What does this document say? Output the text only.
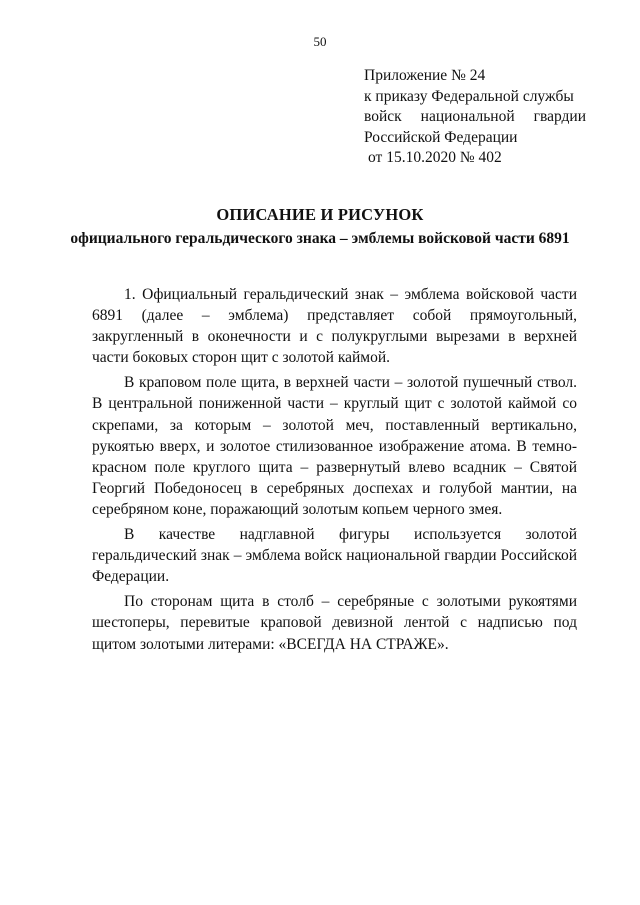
50
Приложение № 24
к приказу Федеральной службы
войск национальной гвардии
Российской Федерации
от 15.10.2020 № 402
ОПИСАНИЕ И РИСУНОК
официального геральдического знака – эмблемы войсковой части 6891

1. Официальный геральдический знак – эмблема войсковой части 6891 (далее – эмблема) представляет собой прямоугольный, закругленный в оконечности и с полукруглыми вырезами в верхней части боковых сторон щит с золотой каймой.

В краповом поле щита, в верхней части – золотой пушечный ствол. В центральной пониженной части – круглый щит с золотой каймой со скрепами, за которым – золотой меч, поставленный вертикально, рукоятью вверх, и золотое стилизованное изображение атома. В темно-красном поле круглого щита – развернутый влево всадник – Святой Георгий Победоносец в серебряных доспехах и голубой мантии, на серебряном коне, поражающий золотым копьем черного змея.

В качестве надглавной фигуры используется золотой геральдический знак – эмблема войск национальной гвардии Российской Федерации.

По сторонам щита в столб – серебряные с золотыми рукоятями шестоперы, перевитые краповой девизной лентой с надписью под щитом золотыми литерами: «ВСЕГДА НА СТРАЖЕ».
